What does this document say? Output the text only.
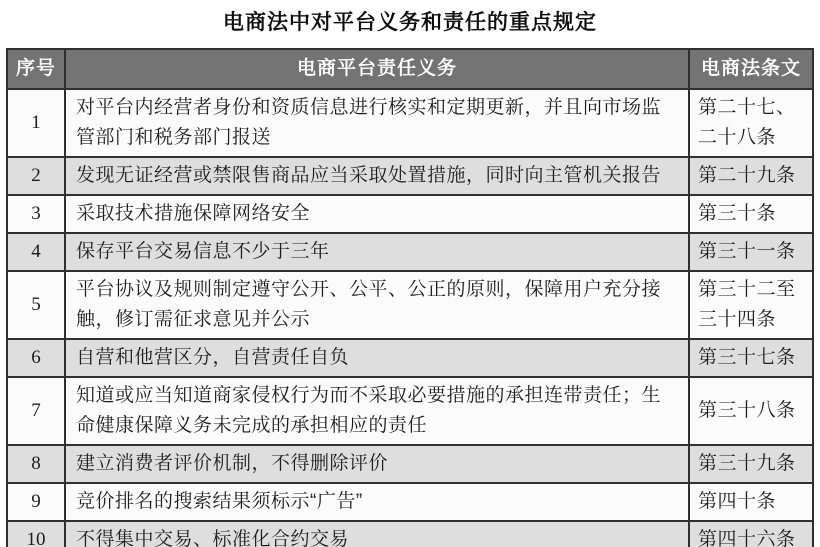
电商法中对平台义务和责任的重点规定
序号	电商平台责任义务	电商法条文
1	对平台内经营者身份和资质信息进行核实和定期更新，并且向市场监管部门和税务部门报送	第二十七、二十八条
2	发现无证经营或禁限售商品应当采取处置措施，同时向主管机关报告	第二十九条
3	采取技术措施保障网络安全	第三十条
4	保存平台交易信息不少于三年	第三十一条
5	平台协议及规则制定遵守公开、公平、公正的原则，保障用户充分接触，修订需征求意见并公示	第三十二至三十四条
6	自营和他营区分，自营责任自负	第三十七条
7	知道或应当知道商家侵权行为而不采取必要措施的承担连带责任；生命健康保障义务未完成的承担相应的责任	第三十八条
8	建立消费者评价机制，不得删除评价	第三十九条
9	竞价排名的搜索结果须标示“广告”	第四十条
10	不得集中交易、标准化合约交易	第四十六条
